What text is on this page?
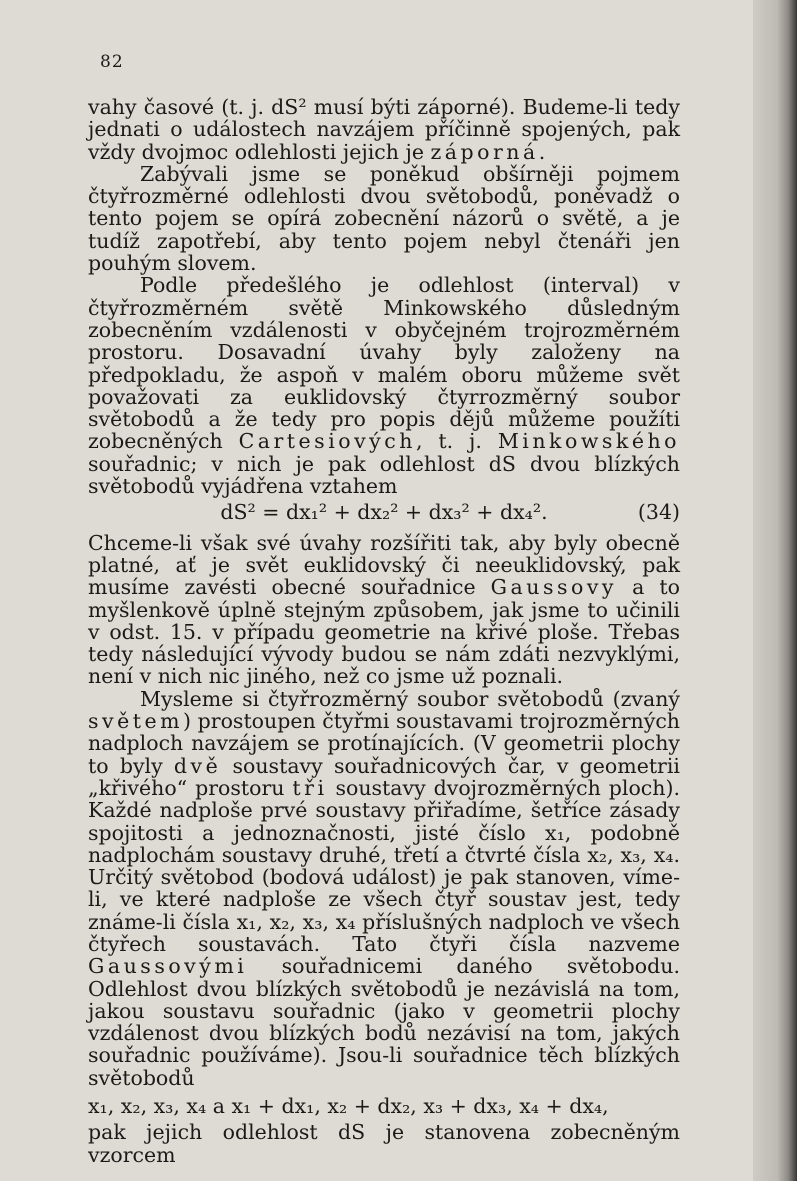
82

vahy časové (t. j. dS² musí býti záporné). Budeme-li tedy jednati o událostech navzájem příčinně spojených, pak vždy dvojmoc odlehlosti jejich je záporná.

Zabývali jsme se poněkud obšírněji pojmem čtyřrozměrné odlehlosti dvou světobodů, poněvadž o tento pojem se opírá zobecnění názorů o světě, a je tudíž zapotřebí, aby tento pojem nebyl čtenáři jen pouhým slovem.

Podle předešlého je odlehlost (interval) v čtyřrozměrném světě Minkowského důsledným zobecněním vzdálenosti v obyčejném trojrozměrném prostoru. Dosavadní úvahy byly založeny na předpokladu, že aspoň v malém oboru můžeme svět považovati za euklidovský čtyrrozměrný soubor světobodů a že tedy pro popis dějů můžeme použíti zobecněných Cartesiových, t. j. Minkowského souřadnic; v nich je pak odlehlost dS dvou blízkých světobodů vyjádřena vztahem

dS² = dx₁² + dx₂² + dx₃² + dx₄².	(34)

Chceme-li však své úvahy rozšířiti tak, aby byly obecně platné, ať je svět euklidovský či neeuklidovský, pak musíme zavésti obecné souřadnice Gaussovy a to myšlenkově úplně stejným způsobem, jak jsme to učinili v odst. 15. v případu geometrie na křivé ploše. Třebas tedy následující vývody budou se nám zdáti nezvyklými, není v nich nic jiného, než co jsme už poznali.

Mysleme si čtyřrozměrný soubor světobodů (zvaný světem) prostoupen čtyřmi soustavami trojrozměrných nadploch navzájem se protínajících. (V geometrii plochy to byly dvě soustavy souřadnicových čar, v geometrii „křivého“ prostoru tři soustavy dvojrozměrných ploch). Každé nadploše prvé soustavy přiřadíme, šetříce zásady spojitosti a jednoznačnosti, jisté číslo x₁, podobně nadplochám soustavy druhé, třetí a čtvrté čísla x₂, x₃, x₄. Určitý světobod (bodová událost) je pak stanoven, víme-li, ve které nadploše ze všech čtyř soustav jest, tedy známe-li čísla x₁, x₂, x₃, x₄ příslušných nadploch ve všech čtyřech soustavách. Tato čtyři čísla nazveme Gaussovými souřadnicemi daného světobodu. Odlehlost dvou blízkých světobodů je nezávislá na tom, jakou soustavu souřadnic (jako v geometrii plochy vzdálenost dvou blízkých bodů nezávisí na tom, jakých souřadnic používáme). Jsou-li souřadnice těch blízkých světobodů

x₁, x₂, x₃, x₄ a x₁ + dx₁, x₂ + dx₂, x₃ + dx₃, x₄ + dx₄,

pak jejich odlehlost dS je stanovena zobecněným vzorcem
